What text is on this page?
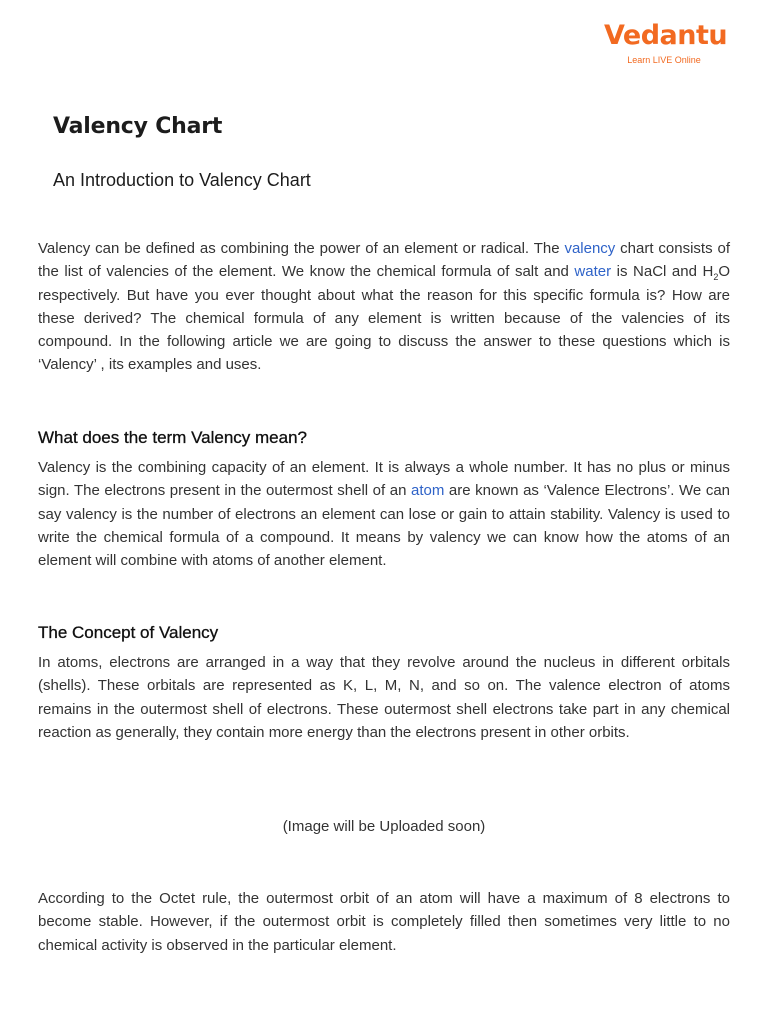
Vedantu
Learn LIVE Online
Valency Chart
An Introduction to Valency Chart

Valency can be defined as combining the power of an element or radical. The valency chart consists of the list of valencies of the element. We know the chemical formula of salt and water is NaCl and $H_2O$ respectively. But have you ever thought about what the reason for this specific formula is? How are these derived? The chemical formula of any element is written because of the valencies of its compound. In the following article we are going to discuss the answer to these questions which is ‘Valency’ , its examples and uses.

What does the term Valency mean?

Valency is the combining capacity of an element. It is always a whole number. It has no plus or minus sign. The electrons present in the outermost shell of an atom are known as ‘Valence Electrons’. We can say valency is the number of electrons an element can lose or gain to attain stability. Valency is used to write the chemical formula of a compound. It means by valency we can know how the atoms of an element will combine with atoms of another element.

The Concept of Valency

In atoms, electrons are arranged in a way that they revolve around the nucleus in different orbitals (shells). These orbitals are represented as K, L, M, N, and so on. The valence electron of atoms remains in the outermost shell of electrons. These outermost shell electrons take part in any chemical reaction as generally, they contain more energy than the electrons present in other orbits.

(Image will be Uploaded soon)

According to the Octet rule, the outermost orbit of an atom will have a maximum of 8 electrons to become stable. However, if the outermost orbit is completely filled then sometimes very little to no chemical activity is observed in the particular element.
